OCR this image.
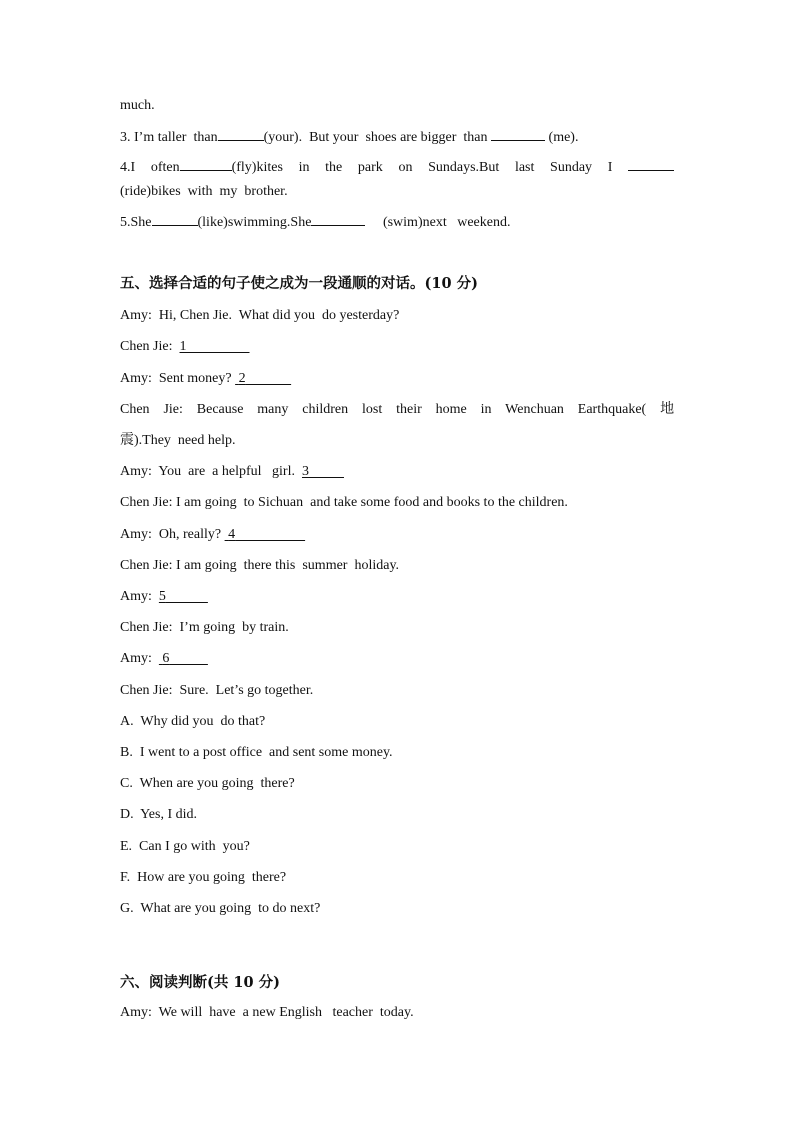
much.
3. I’m taller  than	(your).  But your  shoes are bigger  than	(me).
4.I often	(fly)kites in the park on Sundays.But last Sunday I
(ride)bikes  with  my  brother.
5.She	(like)swimming.She	(swim)next   weekend.
五、选择合适的句子使之成为一段通顺的对话。(10 分)
Amy:  Hi, Chen Jie.  What did you  do yesterday?
Chen Jie:  1
Amy:  Sent money?  2
Chen Jie: Because many children lost their home in Wenchuan Earthquake( 地
震).They  need help.
Amy:  You  are  a helpful   girl.  3
Chen Jie: I am going  to Sichuan  and take some food and books to the children.
Amy:  Oh, really?  4
Chen Jie: I am going  there this  summer  holiday.
Amy:  5
Chen Jie:  I’m going  by train.
Amy:   6
Chen Jie:  Sure.  Let’s go together.
A.  Why did you  do that?
B.  I went to a post office  and sent some money.
C.  When are you going  there?
D.  Yes, I did.
E.  Can I go with  you?
F.  How are you going  there?
G.  What are you going  to do next?
六、阅读判断(共 10 分)
Amy:  We will  have  a new English   teacher  today.
